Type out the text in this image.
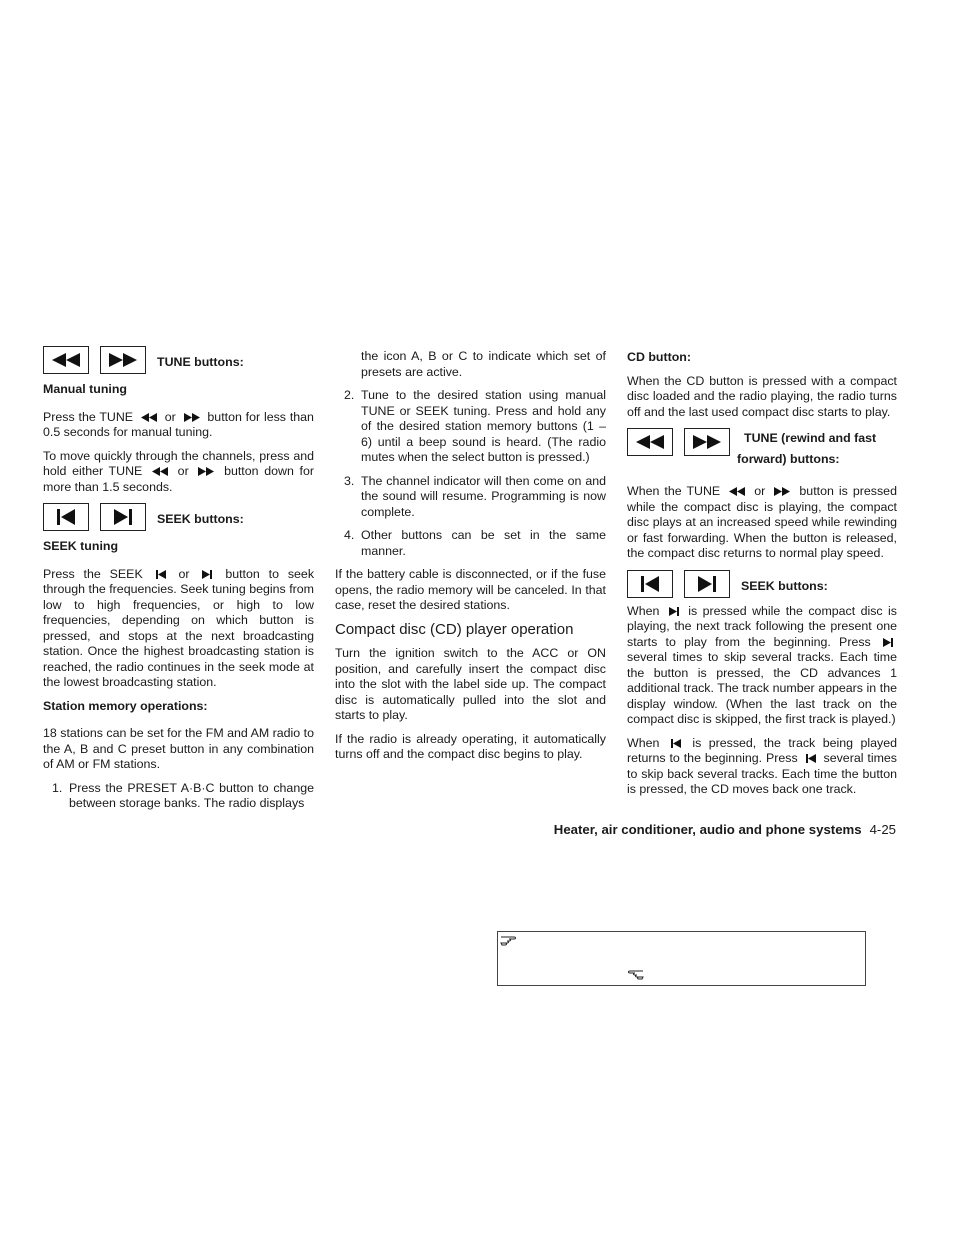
TUNE buttons:
Manual tuning

Press the TUNE	or	button for less than 0.5 seconds for manual tuning.

To move quickly through the channels, press and hold either TUNE	or	button down for more than 1.5 seconds.

SEEK buttons:
SEEK tuning

Press the SEEK	or	button to seek through the frequencies. Seek tuning begins from low to high frequencies, or high to low frequencies, depending on which button is pressed, and stops at the next broadcasting station. Once the highest broadcasting station is reached, the radio continues in the seek mode at the lowest broadcasting station.

Station memory operations:

18 stations can be set for the FM and AM radio to the A, B and C preset button in any combination of AM or FM stations.

1. Press the PRESET A·B·C button to change between storage banks. The radio displays

the icon A, B or C to indicate which set of presets are active.

2. Tune to the desired station using manual TUNE or SEEK tuning. Press and hold any of the desired station memory buttons (1 – 6) until a beep sound is heard. (The radio mutes when the select button is pressed.)
3. The channel indicator will then come on and the sound will resume. Programming is now complete.
4. Other buttons can be set in the same manner.

If the battery cable is disconnected, or if the fuse opens, the radio memory will be canceled. In that case, reset the desired stations.

Compact disc (CD) player operation

Turn the ignition switch to the ACC or ON position, and carefully insert the compact disc into the slot with the label side up. The compact disc is automatically pulled into the slot and starts to play.

If the radio is already operating, it automatically turns off and the compact disc begins to play.

CD button:

When the CD button is pressed with a compact disc loaded and the radio playing, the radio turns off and the last used compact disc starts to play.

TUNE (rewind and fast
forward) buttons:

When the TUNE	or	button is pressed while the compact disc is playing, the compact disc plays at an increased speed while rewinding or fast forwarding. When the button is released, the compact disc returns to normal play speed.

SEEK buttons:

When is pressed while the compact disc is playing, the next track following the present one starts to play from the beginning. Press  several times to skip several tracks. Each time the button is pressed, the CD advances 1 additional track. The track number appears in the display window. (When the last track on the compact disc is skipped, the first track is played.)

When	is pressed, the track being played returns to the beginning. Press several times to skip back several tracks. Each time the button is pressed, the CD moves back one track.

Heater, air conditioner, audio and phone systems 4-25
